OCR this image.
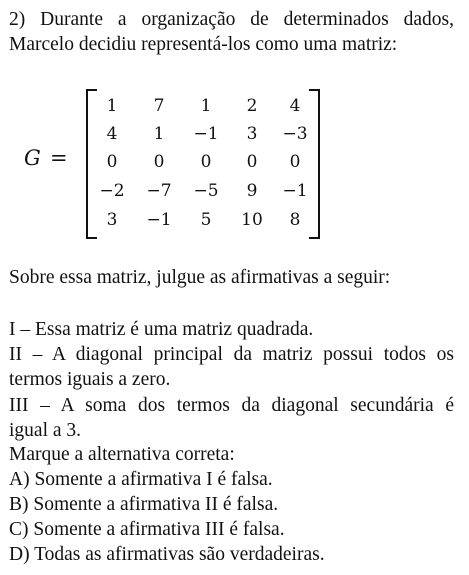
2) Durante a organização de determinados dados,
Marcelo decidiu representá-los como uma matriz:
G =
1	7	1	2	4
4	1	−1	3	−3
0	0	0	0	0
−2	−7	−5	9	−1
3	−1	5	10	8
Sobre essa matriz, julgue as afirmativas a seguir:
I – Essa matriz é uma matriz quadrada.
II – A diagonal principal da matriz possui todos os
termos iguais a zero.
III – A soma dos termos da diagonal secundária é
igual a 3.
Marque a alternativa correta:
A) Somente a afirmativa I é falsa.
B) Somente a afirmativa II é falsa.
C) Somente a afirmativa III é falsa.
D) Todas as afirmativas são verdadeiras.
